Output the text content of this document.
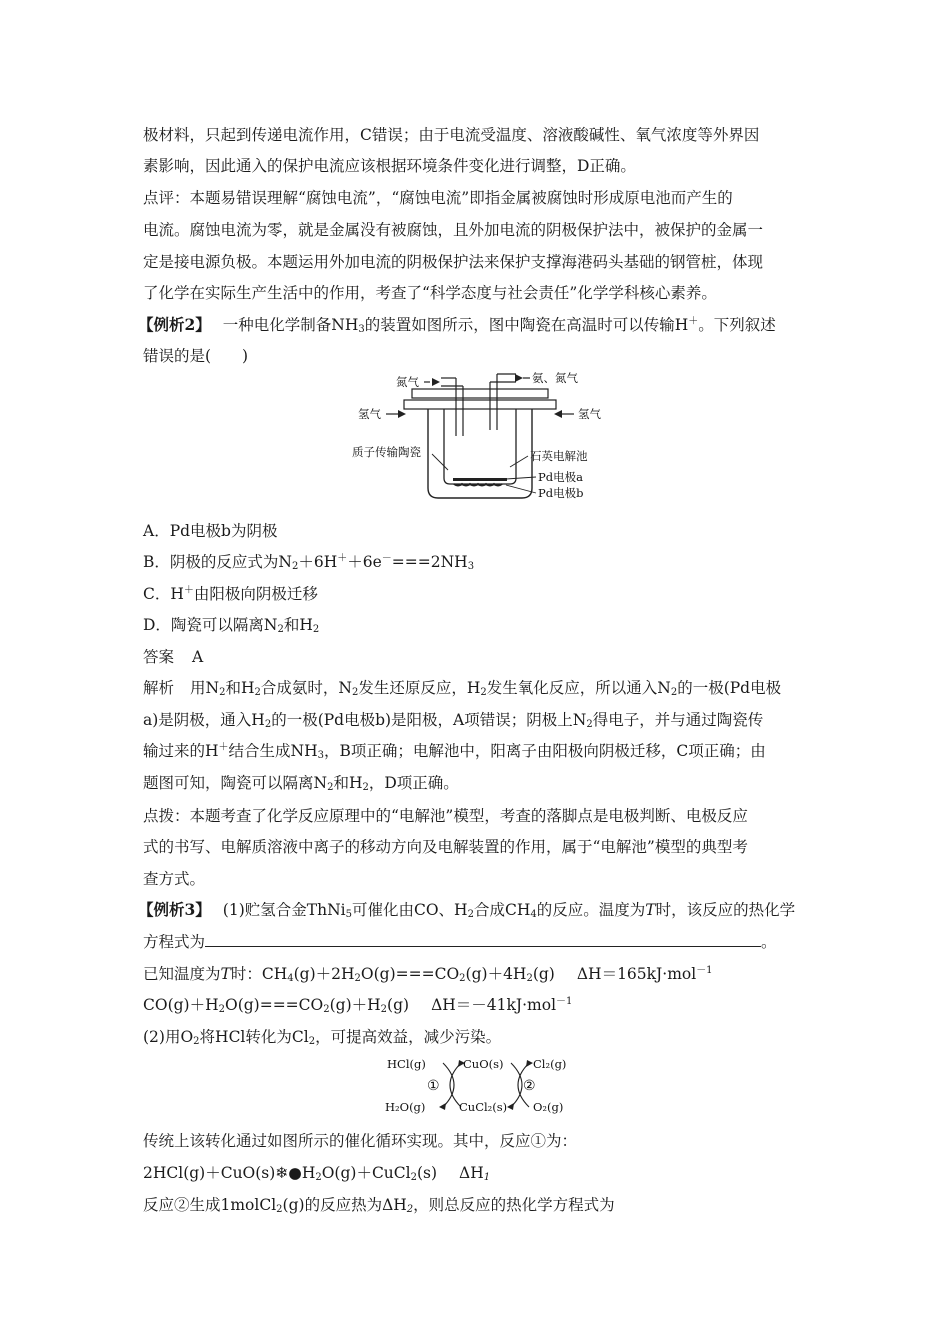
极材料，只起到传递电流作用，C错误；由于电流受温度、溶液酸碱性、氧气浓度等外界因
素影响，因此通入的保护电流应该根据环境条件变化进行调整，D正确。
点评：本题易错误理解“腐蚀电流”，“腐蚀电流”即指金属被腐蚀时形成原电池而产生的
电流。腐蚀电流为零，就是金属没有被腐蚀，且外加电流的阴极保护法中，被保护的金属一
定是接电源负极。本题运用外加电流的阴极保护法来保护支撑海港码头基础的钢管桩，体现
了化学在实际生产生活中的作用，考查了“科学态度与社会责任”化学学科核心素养。
【例析2】 一种电化学制备$NH_3$的装置如图所示，图中陶瓷在高温时可以传输H＋。下列叙述
错误的是(　　)
氮气	氨、氮气
氢气	氢气
质子传输陶瓷	石英电解池
Pd电极a
Pd电极b
A．Pd电极b为阴极
B．阴极的反应式为$N_2+6H^++6e^-===2NH_3$
C．H＋由阳极向阴极迁移
D．陶瓷可以隔离$N_2$和$H_2$
答案 A
解析 用$N_2$和$H_2$合成氨时，$N_2$发生还原反应，$H_2$发生氧化反应，所以通入$N_2$的一极(Pd电极
a)是阴极，通入$H_2$的一极(Pd电极b)是阳极，A项错误；阴极上$N_2$得电子，并与通过陶瓷传
输过来的H＋结合生成$NH_3$，B项正确；电解池中，阳离子由阳极向阴极迁移，C项正确；由
题图可知，陶瓷可以隔离$N_2$和$H_2$，D项正确。
点拨：本题考查了化学反应原理中的“电解池”模型，考查的落脚点是电极判断、电极反应
式的书写、电解质溶液中离子的移动方向及电解装置的作用，属于“电解池”模型的典型考
查方式。
【例析3】 (1)贮氢合金ThNi$_5$可催化由CO、$H_2$合成$CH_4$的反应。温度为T时，该反应的热化学
方程式为	。
已知温度为T时：$CH_4(g)+2H_2O(g)===CO_2(g)+4H_2(g)$ ΔH＝165kJ·mol$^{-1}$
$CO(g)+H_2O(g)===CO_2(g)+H_2(g)$ ΔH＝－41kJ·mol$^{-1}$
(2)用$O_2$将HCl转化为$Cl_2$，可提高效益，减少污染。
HCl(g)	CuO(s)	Cl₂(g)
H₂O(g)	CuCl₂(s) O₂(g)
①	②
传统上该转化通过如图所示的催化循环实现。其中，反应①为：
$2HCl(g)+CuO(s)❄●H_2O(g)+CuCl_2(s)$ $\Delta H_1$
反应②生成1molCl$_2$(g)的反应热为$\Delta H_2$，则总反应的热化学方程式为
